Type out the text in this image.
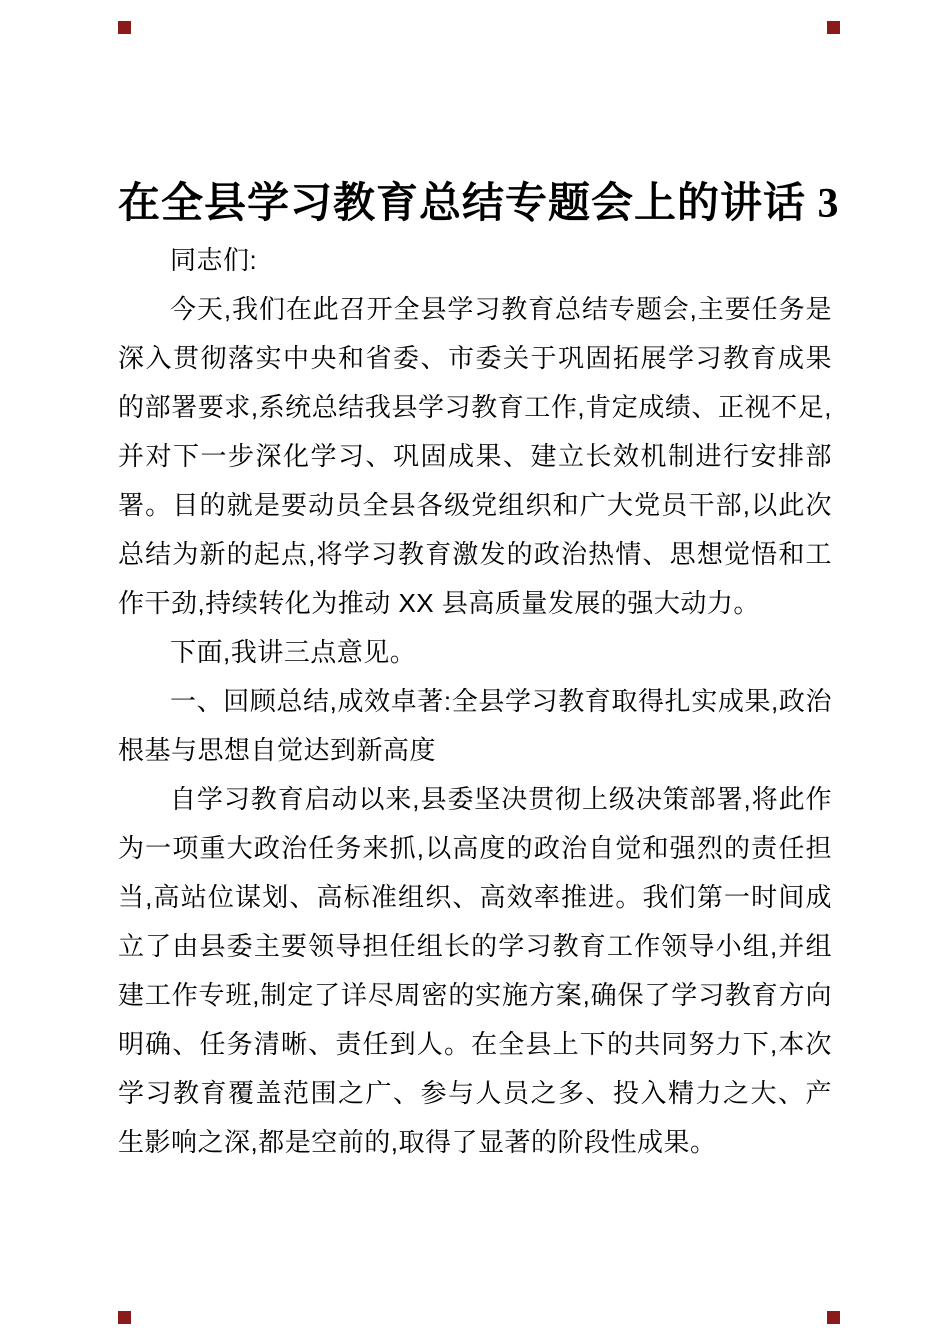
在全县学习教育总结专题会上的讲话 3

同志们:

今天,我们在此召开全县学习教育总结专题会,主要任务是深入贯彻落实中央和省委、市委关于巩固拓展学习教育成果的部署要求,系统总结我县学习教育工作,肯定成绩、正视不足,并对下一步深化学习、巩固成果、建立长效机制进行安排部署。目的就是要动员全县各级党组织和广大党员干部,以此次总结为新的起点,将学习教育激发的政治热情、思想觉悟和工作干劲,持续转化为推动 XX 县高质量发展的强大动力。

下面,我讲三点意见。

一、回顾总结,成效卓著:全县学习教育取得扎实成果,政治根基与思想自觉达到新高度

自学习教育启动以来,县委坚决贯彻上级决策部署,将此作为一项重大政治任务来抓,以高度的政治自觉和强烈的责任担当,高站位谋划、高标准组织、高效率推进。我们第一时间成立了由县委主要领导担任组长的学习教育工作领导小组,并组建工作专班,制定了详尽周密的实施方案,确保了学习教育方向明确、任务清晰、责任到人。在全县上下的共同努力下,本次学习教育覆盖范围之广、参与人员之多、投入精力之大、产生影响之深,都是空前的,取得了显著的阶段性成果。
